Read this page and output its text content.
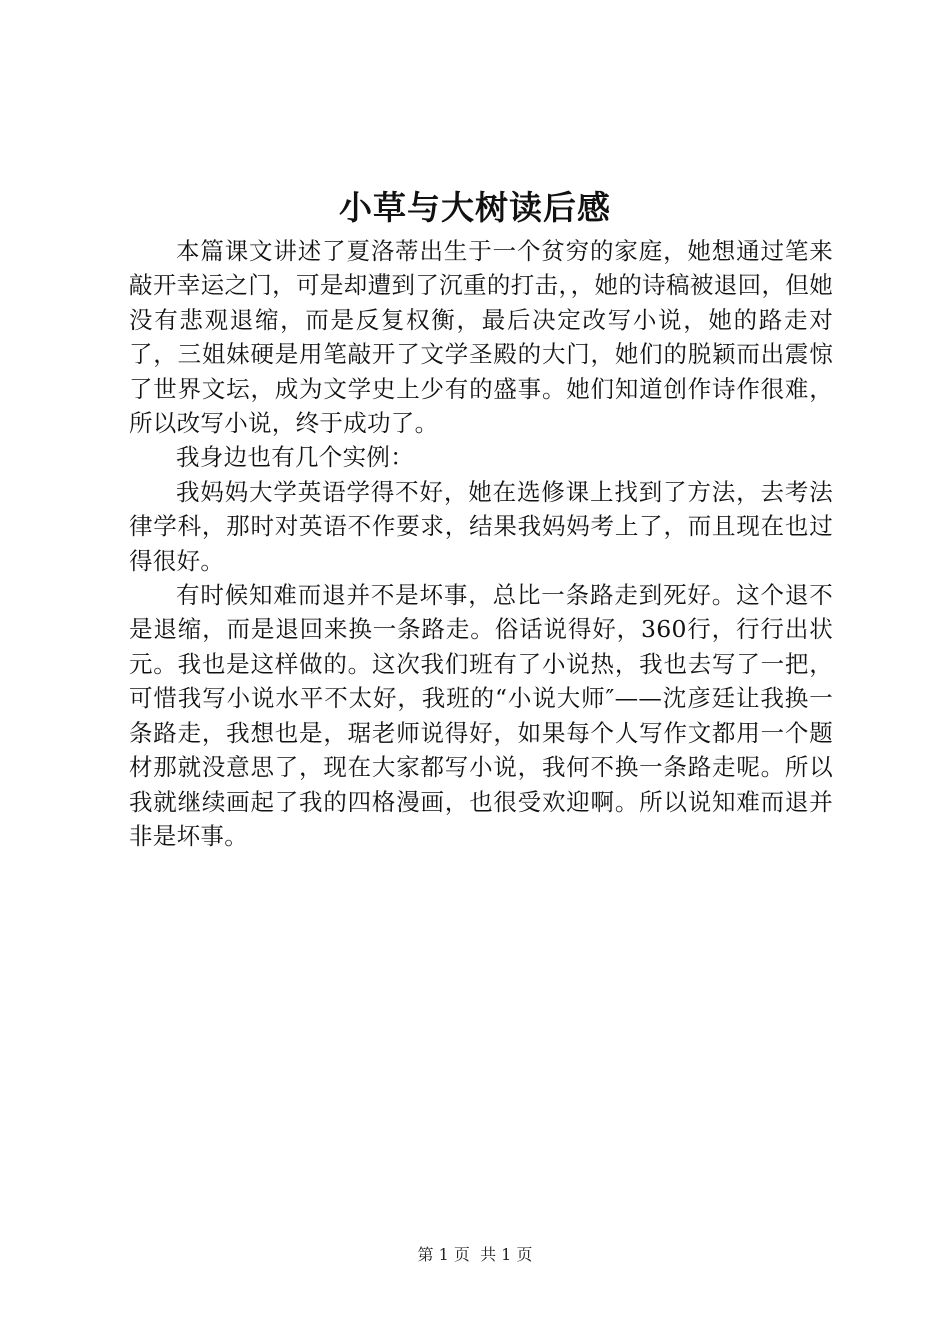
小草与大树读后感

本篇课文讲述了夏洛蒂出生于一个贫穷的家庭，她想通过笔来敲开幸运之门，可是却遭到了沉重的打击，，她的诗稿被退回，但她没有悲观退缩，而是反复权衡，最后决定改写小说，她的路走对了，三姐妹硬是用笔敲开了文学圣殿的大门，她们的脱颖而出震惊了世界文坛，成为文学史上少有的盛事。她们知道创作诗作很难，所以改写小说，终于成功了。

我身边也有几个实例：

我妈妈大学英语学得不好，她在选修课上找到了方法，去考法律学科，那时对英语不作要求，结果我妈妈考上了，而且现在也过得很好。

有时候知难而退并不是坏事，总比一条路走到死好。这个退不是退缩，而是退回来换一条路走。俗话说得好，360行，行行出状元。我也是这样做的。这次我们班有了小说热，我也去写了一把，可惜我写小说水平不太好，我班的“小说大师″——沈彦廷让我换一条路走，我想也是，琚老师说得好，如果每个人写作文都用一个题材那就没意思了，现在大家都写小说，我何不换一条路走呢。所以我就继续画起了我的四格漫画，也很受欢迎啊。所以说知难而退并非是坏事。

第 1 页  共 1 页
